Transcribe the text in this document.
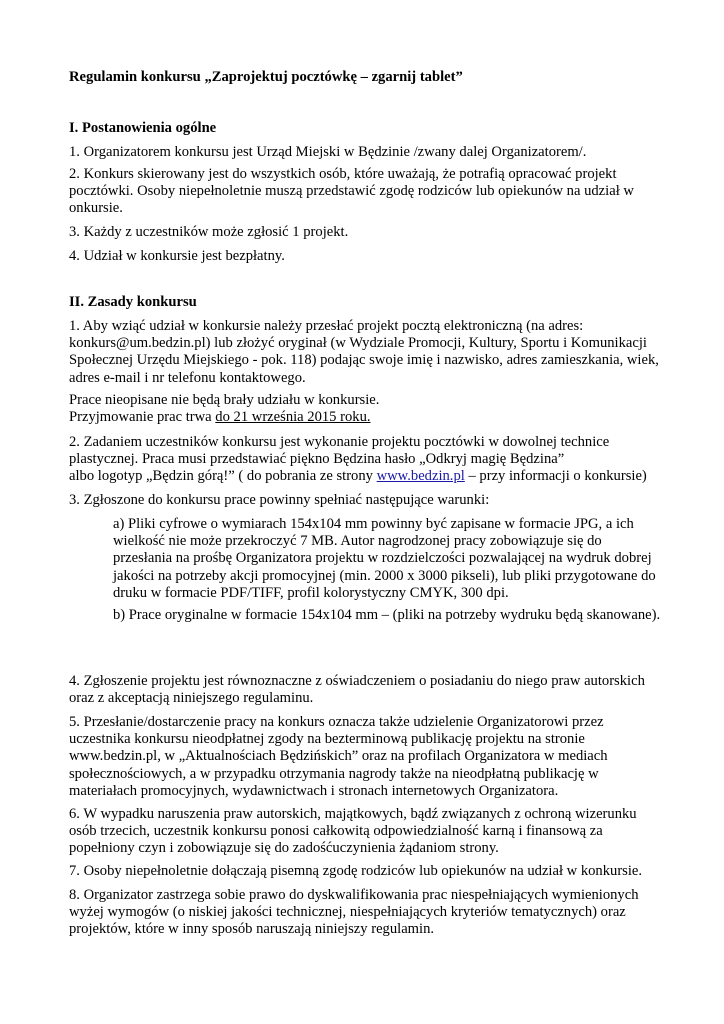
Regulamin konkursu „Zaprojektuj pocztówkę – zgarnij tablet”

I. Postanowienia ogólne

1. Organizatorem konkursu jest Urząd Miejski w Będzinie /zwany dalej Organizatorem/.

2. Konkurs skierowany jest do wszystkich osób, które uważają, że potrafią opracować projekt pocztówki. Osoby niepełnoletnie muszą przedstawić zgodę rodziców lub opiekunów na udział w onkursie.

3. Każdy z uczestników może zgłosić 1 projekt.

4. Udział w konkursie jest bezpłatny.

II. Zasady konkursu

1. Aby wziąć udział w konkursie należy przesłać projekt pocztą elektroniczną (na adres: konkurs@um.bedzin.pl) lub złożyć oryginał (w Wydziale Promocji, Kultury, Sportu i Komunikacji Społecznej Urzędu Miejskiego - pok. 118) podając swoje imię i nazwisko, adres zamieszkania, wiek, adres e-mail i nr telefonu kontaktowego.

Prace nieopisane nie będą brały udziału w konkursie.

Przyjmowanie prac trwa do 21 września 2015 roku.

2. Zadaniem uczestników konkursu jest wykonanie projektu pocztówki w dowolnej technice plastycznej. Praca musi przedstawiać piękno Będzina hasło „Odkryj magię Będzina”

albo logotyp „Będzin górą!” ( do pobrania ze strony www.bedzin.pl – przy informacji o konkursie)

3. Zgłoszone do konkursu prace powinny spełniać następujące warunki:

a) Pliki cyfrowe o wymiarach 154x104 mm powinny być zapisane w formacie JPG, a ich wielkość nie może przekroczyć 7 MB. Autor nagrodzonej pracy zobowiązuje się do przesłania na prośbę Organizatora projektu w rozdzielczości pozwalającej na wydruk dobrej jakości na potrzeby akcji promocyjnej (min. 2000 x 3000 pikseli), lub pliki przygotowane do druku w formacie PDF/TIFF, profil kolorystyczny CMYK, 300 dpi.

b) Prace oryginalne w formacie 154x104 mm – (pliki na potrzeby wydruku będą skanowane).

4. Zgłoszenie projektu jest równoznaczne z oświadczeniem o posiadaniu do niego praw autorskich oraz z akceptacją niniejszego regulaminu.

5. Przesłanie/dostarczenie pracy na konkurs oznacza także udzielenie Organizatorowi przez uczestnika konkursu nieodpłatnej zgody na bezterminową publikację projektu na stronie www.bedzin.pl, w „Aktualnościach Będzińskich” oraz na profilach Organizatora w mediach społecznościowych, a w przypadku otrzymania nagrody także na nieodpłatną publikację w materiałach promocyjnych, wydawnictwach i stronach internetowych Organizatora.

6. W wypadku naruszenia praw autorskich, majątkowych, bądź związanych z ochroną wizerunku osób trzecich, uczestnik konkursu ponosi całkowitą odpowiedzialność karną i finansową za popełniony czyn i zobowiązuje się do zadośćuczynienia żądaniom strony.

7. Osoby niepełnoletnie dołączają pisemną zgodę rodziców lub opiekunów na udział w konkursie.

8. Organizator zastrzega sobie prawo do dyskwalifikowania prac niespełniających wymienionych wyżej wymogów (o niskiej jakości technicznej, niespełniających kryteriów tematycznych) oraz projektów, które w inny sposób naruszają niniejszy regulamin.
